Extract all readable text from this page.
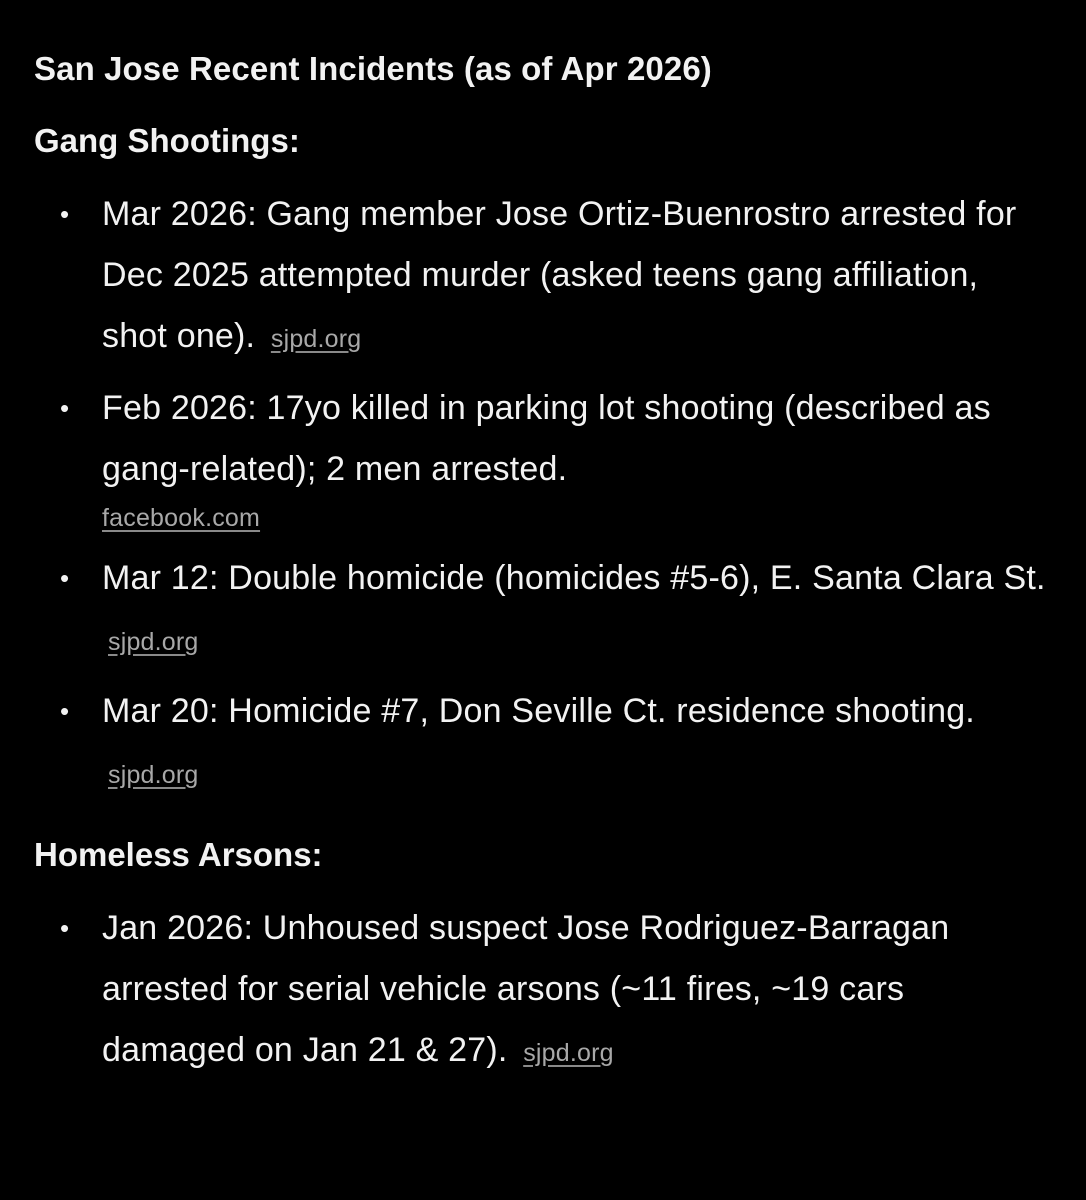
San Jose Recent Incidents (as of Apr 2026)
Gang Shootings:
• Mar 2026: Gang member Jose Ortiz-Buenrostro arrested for Dec 2025 attempted murder (asked teens gang affiliation, shot one). sjpd.org
• Feb 2026: 17yo killed in parking lot shooting (described as gang-related); 2 men arrested.
facebook.com
• Mar 12: Double homicide (homicides #5-6), E. Santa Clara St. sjpd.org
• Mar 20: Homicide #7, Don Seville Ct. residence shooting. sjpd.org
Homeless Arsons:
• Jan 2026: Unhoused suspect Jose Rodriguez-Barragan arrested for serial vehicle arsons (~11 fires, ~19 cars damaged on Jan 21 & 27). sjpd.org
